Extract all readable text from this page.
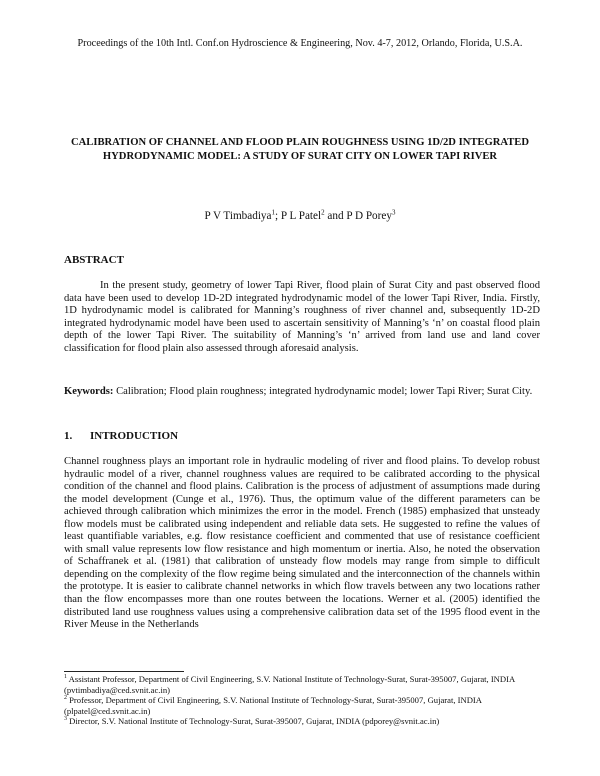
Proceedings of the 10th Intl. Conf.on Hydroscience & Engineering, Nov. 4-7, 2012, Orlando, Florida, U.S.A.
CALIBRATION OF CHANNEL AND FLOOD PLAIN ROUGHNESS USING 1D/2D INTEGRATED HYDRODYNAMIC MODEL: A STUDY OF SURAT CITY ON LOWER TAPI RIVER
P V Timbadiya$^1$; P L Patel$^2$ and P D Porey$^3$
ABSTRACT

In the present study, geometry of lower Tapi River, flood plain of Surat City and past observed flood data have been used to develop 1D-2D integrated hydrodynamic model of the lower Tapi River, India. Firstly, 1D hydrodynamic model is calibrated for Manning’s roughness of river channel and, subsequently 1D-2D integrated hydrodynamic model have been used to ascertain sensitivity of Manning’s ‘n’ on coastal flood plain depth of the lower Tapi River. The suitability of Manning’s ‘n’ arrived from land use and land cover classification for flood plain also assessed through aforesaid analysis.

Keywords: Calibration; Flood plain roughness; integrated hydrodynamic model; lower Tapi River; Surat City.

1. INTRODUCTION

Channel roughness plays an important role in hydraulic modeling of river and flood plains. To develop robust hydraulic model of a river, channel roughness values are required to be calibrated according to the physical condition of the channel and flood plains. Calibration is the process of adjustment of assumptions made during the model development (Cunge et al., 1976). Thus, the optimum value of the different parameters can be achieved through calibration which minimizes the error in the model. French (1985) emphasized that unsteady flow models must be calibrated using independent and reliable data sets. He suggested to refine the values of least quantifiable variables, e.g. flow resistance coefficient and commented that use of resistance coefficient with small value represents low flow resistance and high momentum or inertia. Also, he noted the observation of Schaffranek et al. (1981) that calibration of unsteady flow models may range from simple to difficult depending on the complexity of the flow regime being simulated and the interconnection of the channels within the prototype. It is easier to calibrate channel networks in which flow travels between any two locations rather than the flow encompasses more than one routes between the locations. Werner et al. (2005) identified the distributed land use roughness values using a comprehensive calibration data set of the 1995 flood event in the River Meuse in the Netherlands

$^1$ Assistant Professor, Department of Civil Engineering, S.V. National Institute of Technology-Surat, Surat-395007, Gujarat, INDIA (pvtimbadiya@ced.svnit.ac.in)

$^2$ Professor, Department of Civil Engineering, S.V. National Institute of Technology-Surat, Surat-395007, Gujarat, INDIA (plpatel@ced.svnit.ac.in)

$^3$ Director, S.V. National Institute of Technology-Surat, Surat-395007, Gujarat, INDIA (pdporey@svnit.ac.in)
